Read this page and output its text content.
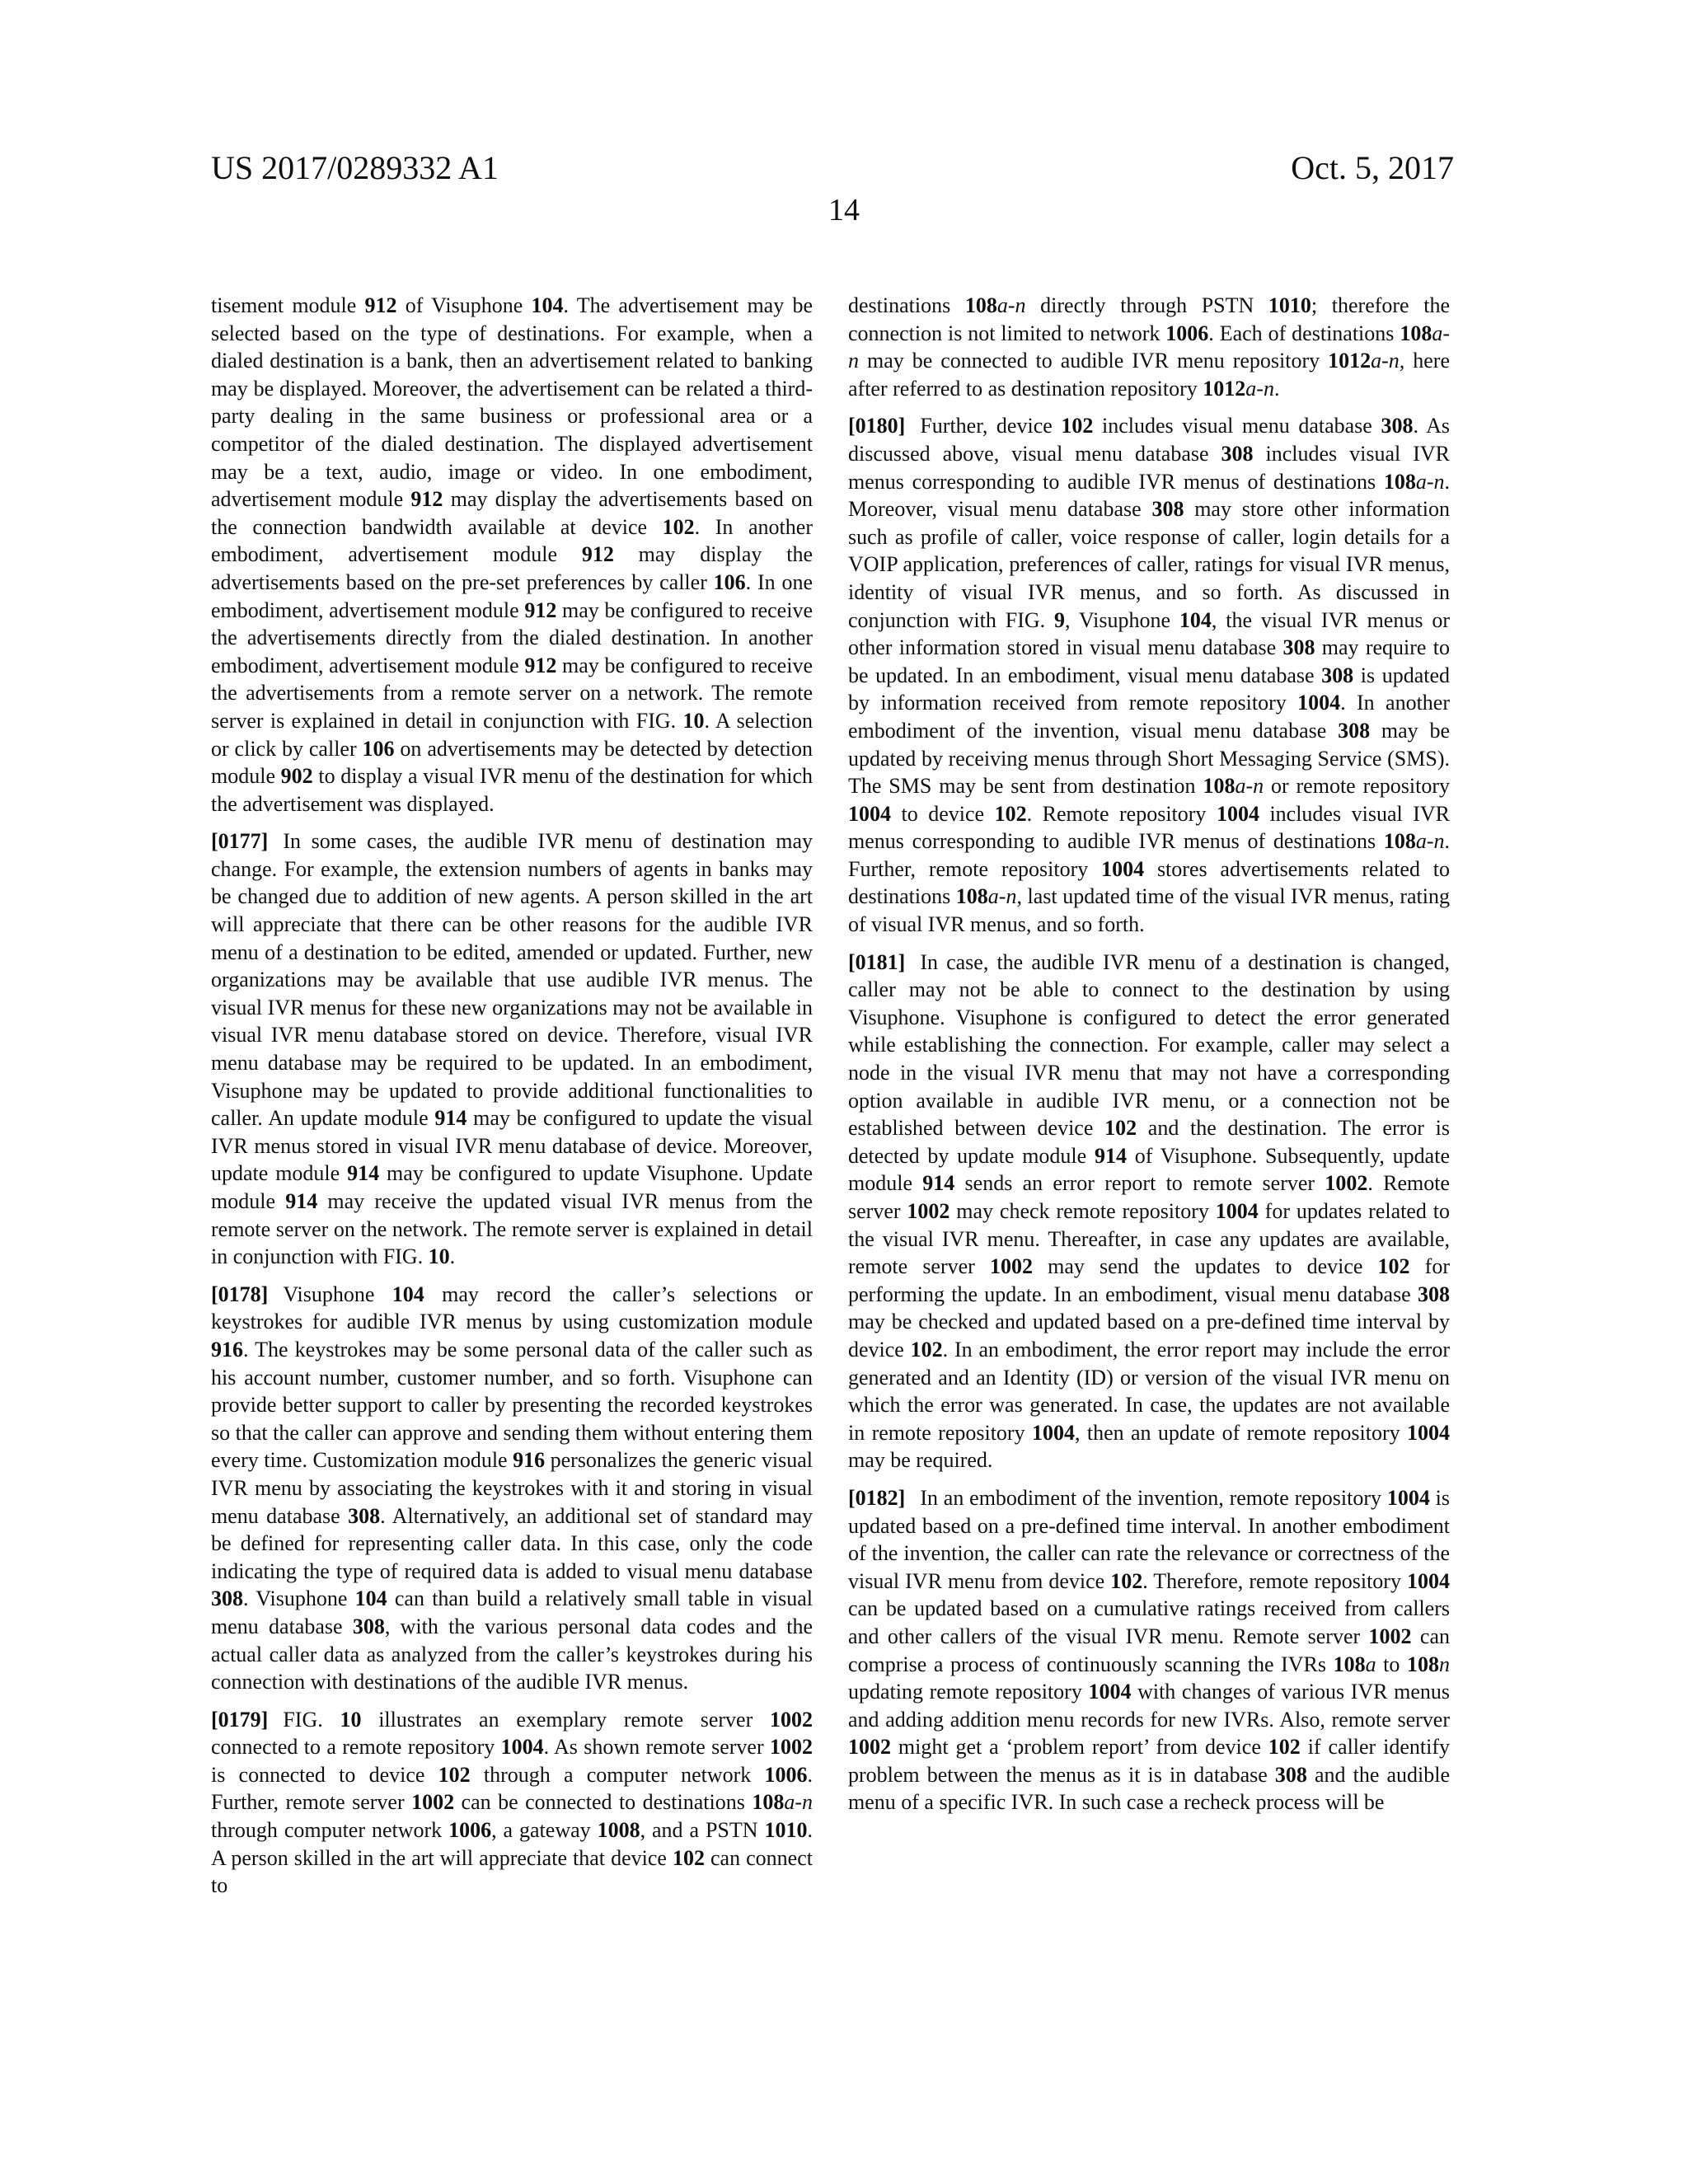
US 2017/0289332 A1	Oct. 5, 2017
14

tisement module 912 of Visuphone 104. The advertisement may be selected based on the type of destinations. For example, when a dialed destination is a bank, then an advertisement related to banking may be displayed. Moreover, the advertisement can be related a third-party dealing in the same business or professional area or a competitor of the dialed destination. The displayed advertisement may be a text, audio, image or video. In one embodiment, advertisement module 912 may display the advertisements based on the connection bandwidth available at device 102. In another embodiment, advertisement module 912 may display the advertisements based on the pre-set preferences by caller 106. In one embodiment, advertisement module 912 may be configured to receive the advertisements directly from the dialed destination. In another embodiment, advertisement module 912 may be configured to receive the advertisements from a remote server on a network. The remote server is explained in detail in conjunction with FIG. 10. A selection or click by caller 106 on advertisements may be detected by detection module 902 to display a visual IVR menu of the destination for which the advertisement was displayed.

[0177] In some cases, the audible IVR menu of destination may change. For example, the extension numbers of agents in banks may be changed due to addition of new agents. A person skilled in the art will appreciate that there can be other reasons for the audible IVR menu of a destination to be edited, amended or updated. Further, new organizations may be available that use audible IVR menus. The visual IVR menus for these new organizations may not be available in visual IVR menu database stored on device. Therefore, visual IVR menu database may be required to be updated. In an embodiment, Visuphone may be updated to provide additional functionalities to caller. An update module 914 may be configured to update the visual IVR menus stored in visual IVR menu database of device. Moreover, update module 914 may be configured to update Visuphone. Update module 914 may receive the updated visual IVR menus from the remote server on the network. The remote server is explained in detail in conjunction with FIG. 10.

[0178] Visuphone 104 may record the caller’s selections or keystrokes for audible IVR menus by using customization module 916. The keystrokes may be some personal data of the caller such as his account number, customer number, and so forth. Visuphone can provide better support to caller by presenting the recorded keystrokes so that the caller can approve and sending them without entering them every time. Customization module 916 personalizes the generic visual IVR menu by associating the keystrokes with it and storing in visual menu database 308. Alternatively, an additional set of standard may be defined for representing caller data. In this case, only the code indicating the type of required data is added to visual menu database 308. Visuphone 104 can than build a relatively small table in visual menu database 308, with the various personal data codes and the actual caller data as analyzed from the caller’s keystrokes during his connection with destinations of the audible IVR menus.

[0179] FIG. 10 illustrates an exemplary remote server 1002 connected to a remote repository 1004. As shown remote server 1002 is connected to device 102 through a computer network 1006. Further, remote server 1002 can be connected to destinations 108a-n through computer network 1006, a gateway 1008, and a PSTN 1010. A person skilled in the art will appreciate that device 102 can connect to

destinations 108a-n directly through PSTN 1010; therefore the connection is not limited to network 1006. Each of destinations 108a-n may be connected to audible IVR menu repository 1012a-n, here after referred to as destination repository 1012a-n.

[0180] Further, device 102 includes visual menu database 308. As discussed above, visual menu database 308 includes visual IVR menus corresponding to audible IVR menus of destinations 108a-n. Moreover, visual menu database 308 may store other information such as profile of caller, voice response of caller, login details for a VOIP application, preferences of caller, ratings for visual IVR menus, identity of visual IVR menus, and so forth. As discussed in conjunction with FIG. 9, Visuphone 104, the visual IVR menus or other information stored in visual menu database 308 may require to be updated. In an embodiment, visual menu database 308 is updated by information received from remote repository 1004. In another embodiment of the invention, visual menu database 308 may be updated by receiving menus through Short Messaging Service (SMS). The SMS may be sent from destination 108a-n or remote repository 1004 to device 102. Remote repository 1004 includes visual IVR menus corresponding to audible IVR menus of destinations 108a-n. Further, remote repository 1004 stores advertisements related to destinations 108a-n, last updated time of the visual IVR menus, rating of visual IVR menus, and so forth.

[0181] In case, the audible IVR menu of a destination is changed, caller may not be able to connect to the destination by using Visuphone. Visuphone is configured to detect the error generated while establishing the connection. For example, caller may select a node in the visual IVR menu that may not have a corresponding option available in audible IVR menu, or a connection not be established between device 102 and the destination. The error is detected by update module 914 of Visuphone. Subsequently, update module 914 sends an error report to remote server 1002. Remote server 1002 may check remote repository 1004 for updates related to the visual IVR menu. Thereafter, in case any updates are available, remote server 1002 may send the updates to device 102 for performing the update. In an embodiment, visual menu database 308 may be checked and updated based on a pre-defined time interval by device 102. In an embodiment, the error report may include the error generated and an Identity (ID) or version of the visual IVR menu on which the error was generated. In case, the updates are not available in remote repository 1004, then an update of remote repository 1004 may be required.

[0182] In an embodiment of the invention, remote repository 1004 is updated based on a pre-defined time interval. In another embodiment of the invention, the caller can rate the relevance or correctness of the visual IVR menu from device 102. Therefore, remote repository 1004 can be updated based on a cumulative ratings received from callers and other callers of the visual IVR menu. Remote server 1002 can comprise a process of continuously scanning the IVRs 108a to 108n updating remote repository 1004 with changes of various IVR menus and adding addition menu records for new IVRs. Also, remote server 1002 might get a ‘problem report’ from device 102 if caller identify problem between the menus as it is in database 308 and the audible menu of a specific IVR. In such case a recheck process will be
